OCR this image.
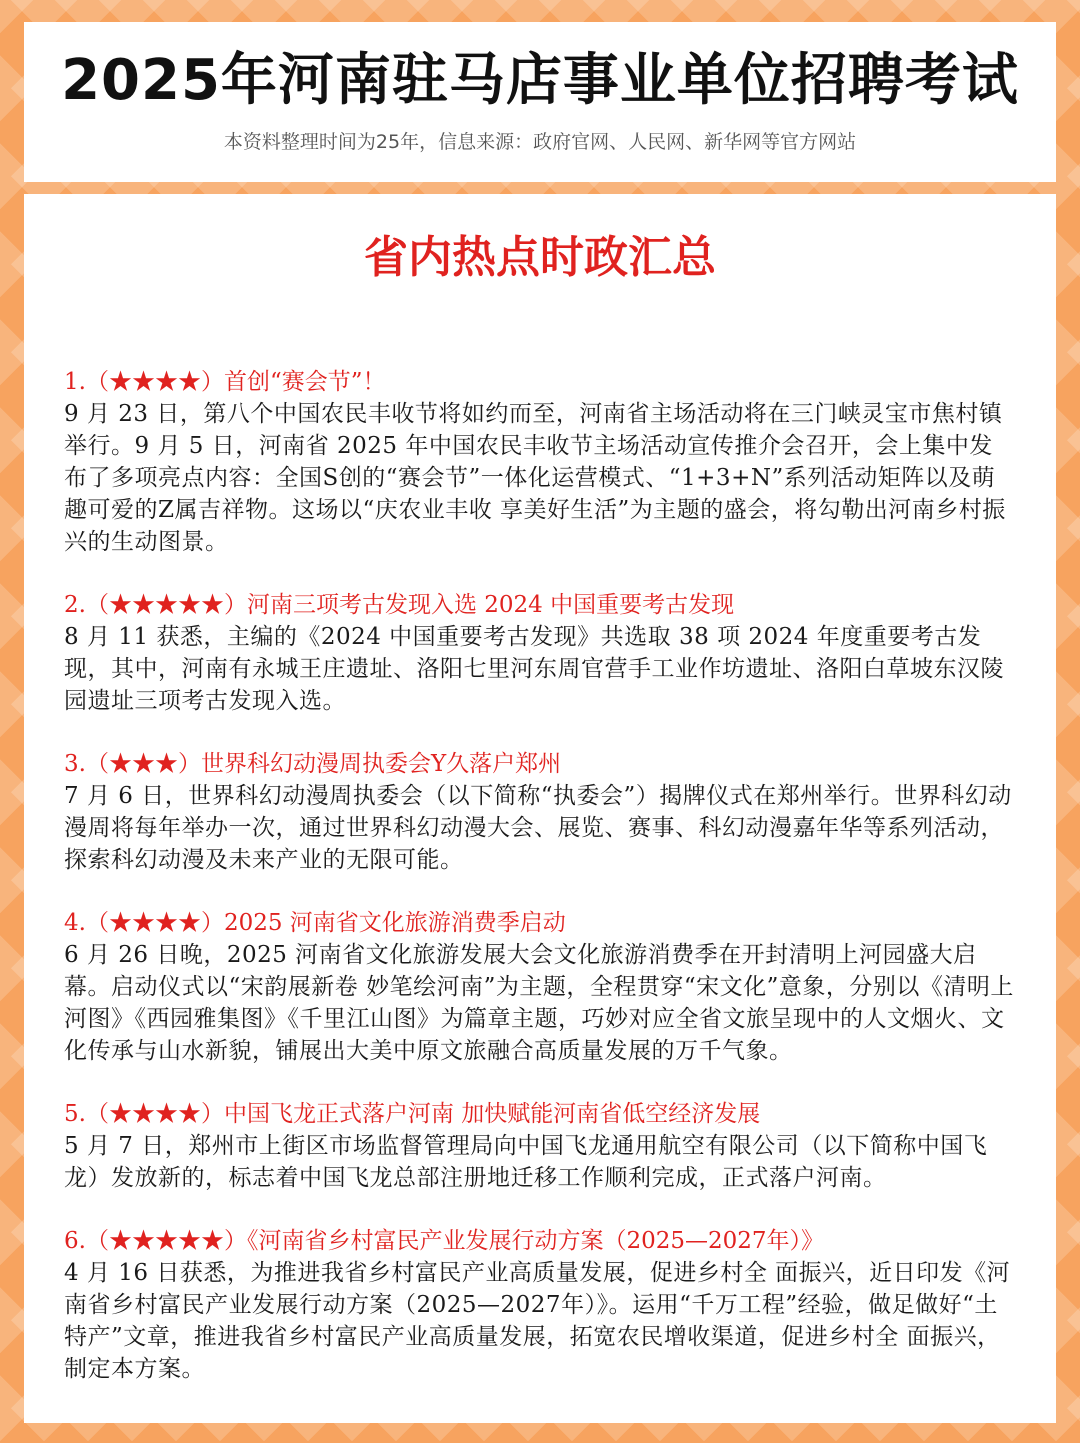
2025年河南驻马店事业单位招聘考试
本资料整理时间为25年，信息来源：政府官网、人民网、新华网等官方网站
省内热点时政汇总
1.（★★★★）首创“赛会节”！
9 月 23 日，第八个中国农民丰收节将如约而至，河南省主场活动将在三门峡灵宝市焦村镇举行。9 月 5 日，河南省 2025 年中国农民丰收节主场活动宣传推介会召开，会上集中发布了多项亮点内容：全国S创的“赛会节”一体化运营模式、“1+3+N”系列活动矩阵以及萌趣可爱的Z属吉祥物。这场以“庆农业丰收 享美好生活”为主题的盛会，将勾勒出河南乡村振兴的生动图景。
2.（★★★★★）河南三项考古发现入选 2024 中国重要考古发现
8 月 11 获悉，主编的《2024 中国重要考古发现》共选取 38 项 2024 年度重要考古发现，其中，河南有永城王庄遗址、洛阳七里河东周官营手工业作坊遗址、洛阳白草坡东汉陵园遗址三项考古发现入选。
3.（★★★）世界科幻动漫周执委会Y久落户郑州
7 月 6 日，世界科幻动漫周执委会（以下简称“执委会”）揭牌仪式在郑州举行。世界科幻动漫周将每年举办一次，通过世界科幻动漫大会、展览、赛事、科幻动漫嘉年华等系列活动，探索科幻动漫及未来产业的无限可能。
4.（★★★★）2025 河南省文化旅游消费季启动
6 月 26 日晚，2025 河南省文化旅游发展大会文化旅游消费季在开封清明上河园盛大启幕。启动仪式以“宋韵展新卷 妙笔绘河南”为主题，全程贯穿“宋文化”意象，分别以《清明上河图》《西园雅集图》《千里江山图》为篇章主题，巧妙对应全省文旅呈现中的人文烟火、文化传承与山水新貌，铺展出大美中原文旅融合高质量发展的万千气象。
5.（★★★★）中国飞龙正式落户河南 加快赋能河南省低空经济发展
5 月 7 日，郑州市上街区市场监督管理局向中国飞龙通用航空有限公司（以下简称中国飞龙）发放新的，标志着中国飞龙总部注册地迁移工作顺利完成，正式落户河南。
6.（★★★★★）《河南省乡村富民产业发展行动方案（2025—2027年）》
4 月 16 日获悉，为推进我省乡村富民产业高质量发展，促进乡村全 面振兴，近日印发《河南省乡村富民产业发展行动方案（2025—2027年）》。运用“千万工程”经验，做足做好“土特产”文章，推进我省乡村富民产业高质量发展，拓宽农民增收渠道，促进乡村全 面振兴，制定本方案。
